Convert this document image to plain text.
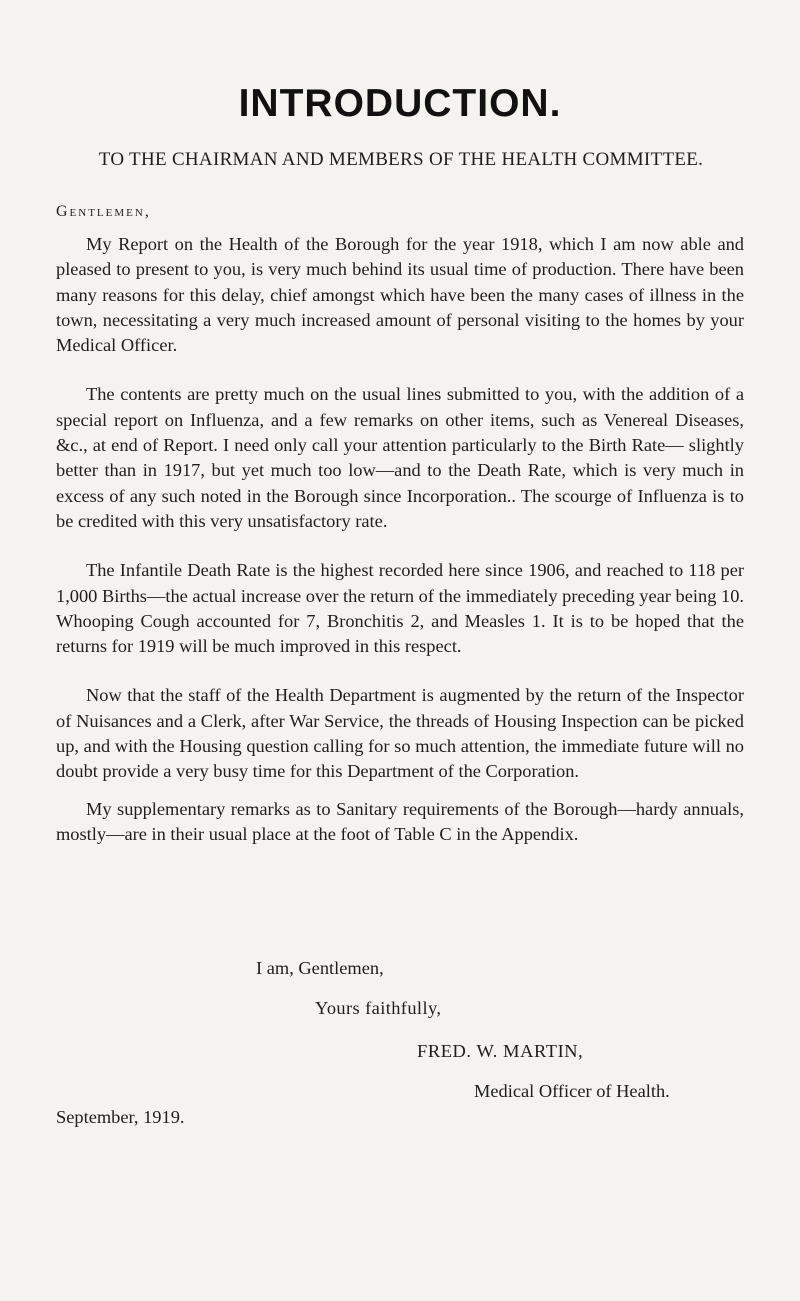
INTRODUCTION.
TO THE CHAIRMAN AND MEMBERS OF THE HEALTH COMMITTEE.
Gentlemen,

My Report on the Health of the Borough for the year 1918, which I am now able and pleased to present to you, is very much behind its usual time of production. There have been many reasons for this delay, chief amongst which have been the many cases of illness in the town, necessitating a very much increased amount of personal visiting to the homes by your Medical Officer.

The contents are pretty much on the usual lines submitted to you, with the addition of a special report on Influenza, and a few remarks on other items, such as Venereal Diseases, &c., at end of Report. I need only call your attention particularly to the Birth Rate— slightly better than in 1917, but yet much too low—and to the Death Rate, which is very much in excess of any such noted in the Borough since Incorporation.. The scourge of Influenza is to be credited with this very unsatisfactory rate.

The Infantile Death Rate is the highest recorded here since 1906, and reached to 118 per 1,000 Births—the actual increase over the return of the immediately preceding year being 10. Whooping Cough accounted for 7, Bronchitis 2, and Measles 1. It is to be hoped that the returns for 1919 will be much improved in this respect.

Now that the staff of the Health Department is augmented by the return of the Inspector of Nuisances and a Clerk, after War Service, the threads of Housing Inspection can be picked up, and with the Housing question calling for so much attention, the immediate future will no doubt provide a very busy time for this Department of the Corporation.

My supplementary remarks as to Sanitary requirements of the Borough—hardy annuals, mostly—are in their usual place at the foot of Table C in the Appendix.

I am, Gentlemen,
Yours faithfully,
FRED. W. MARTIN,
Medical Officer of Health.
September, 1919.
